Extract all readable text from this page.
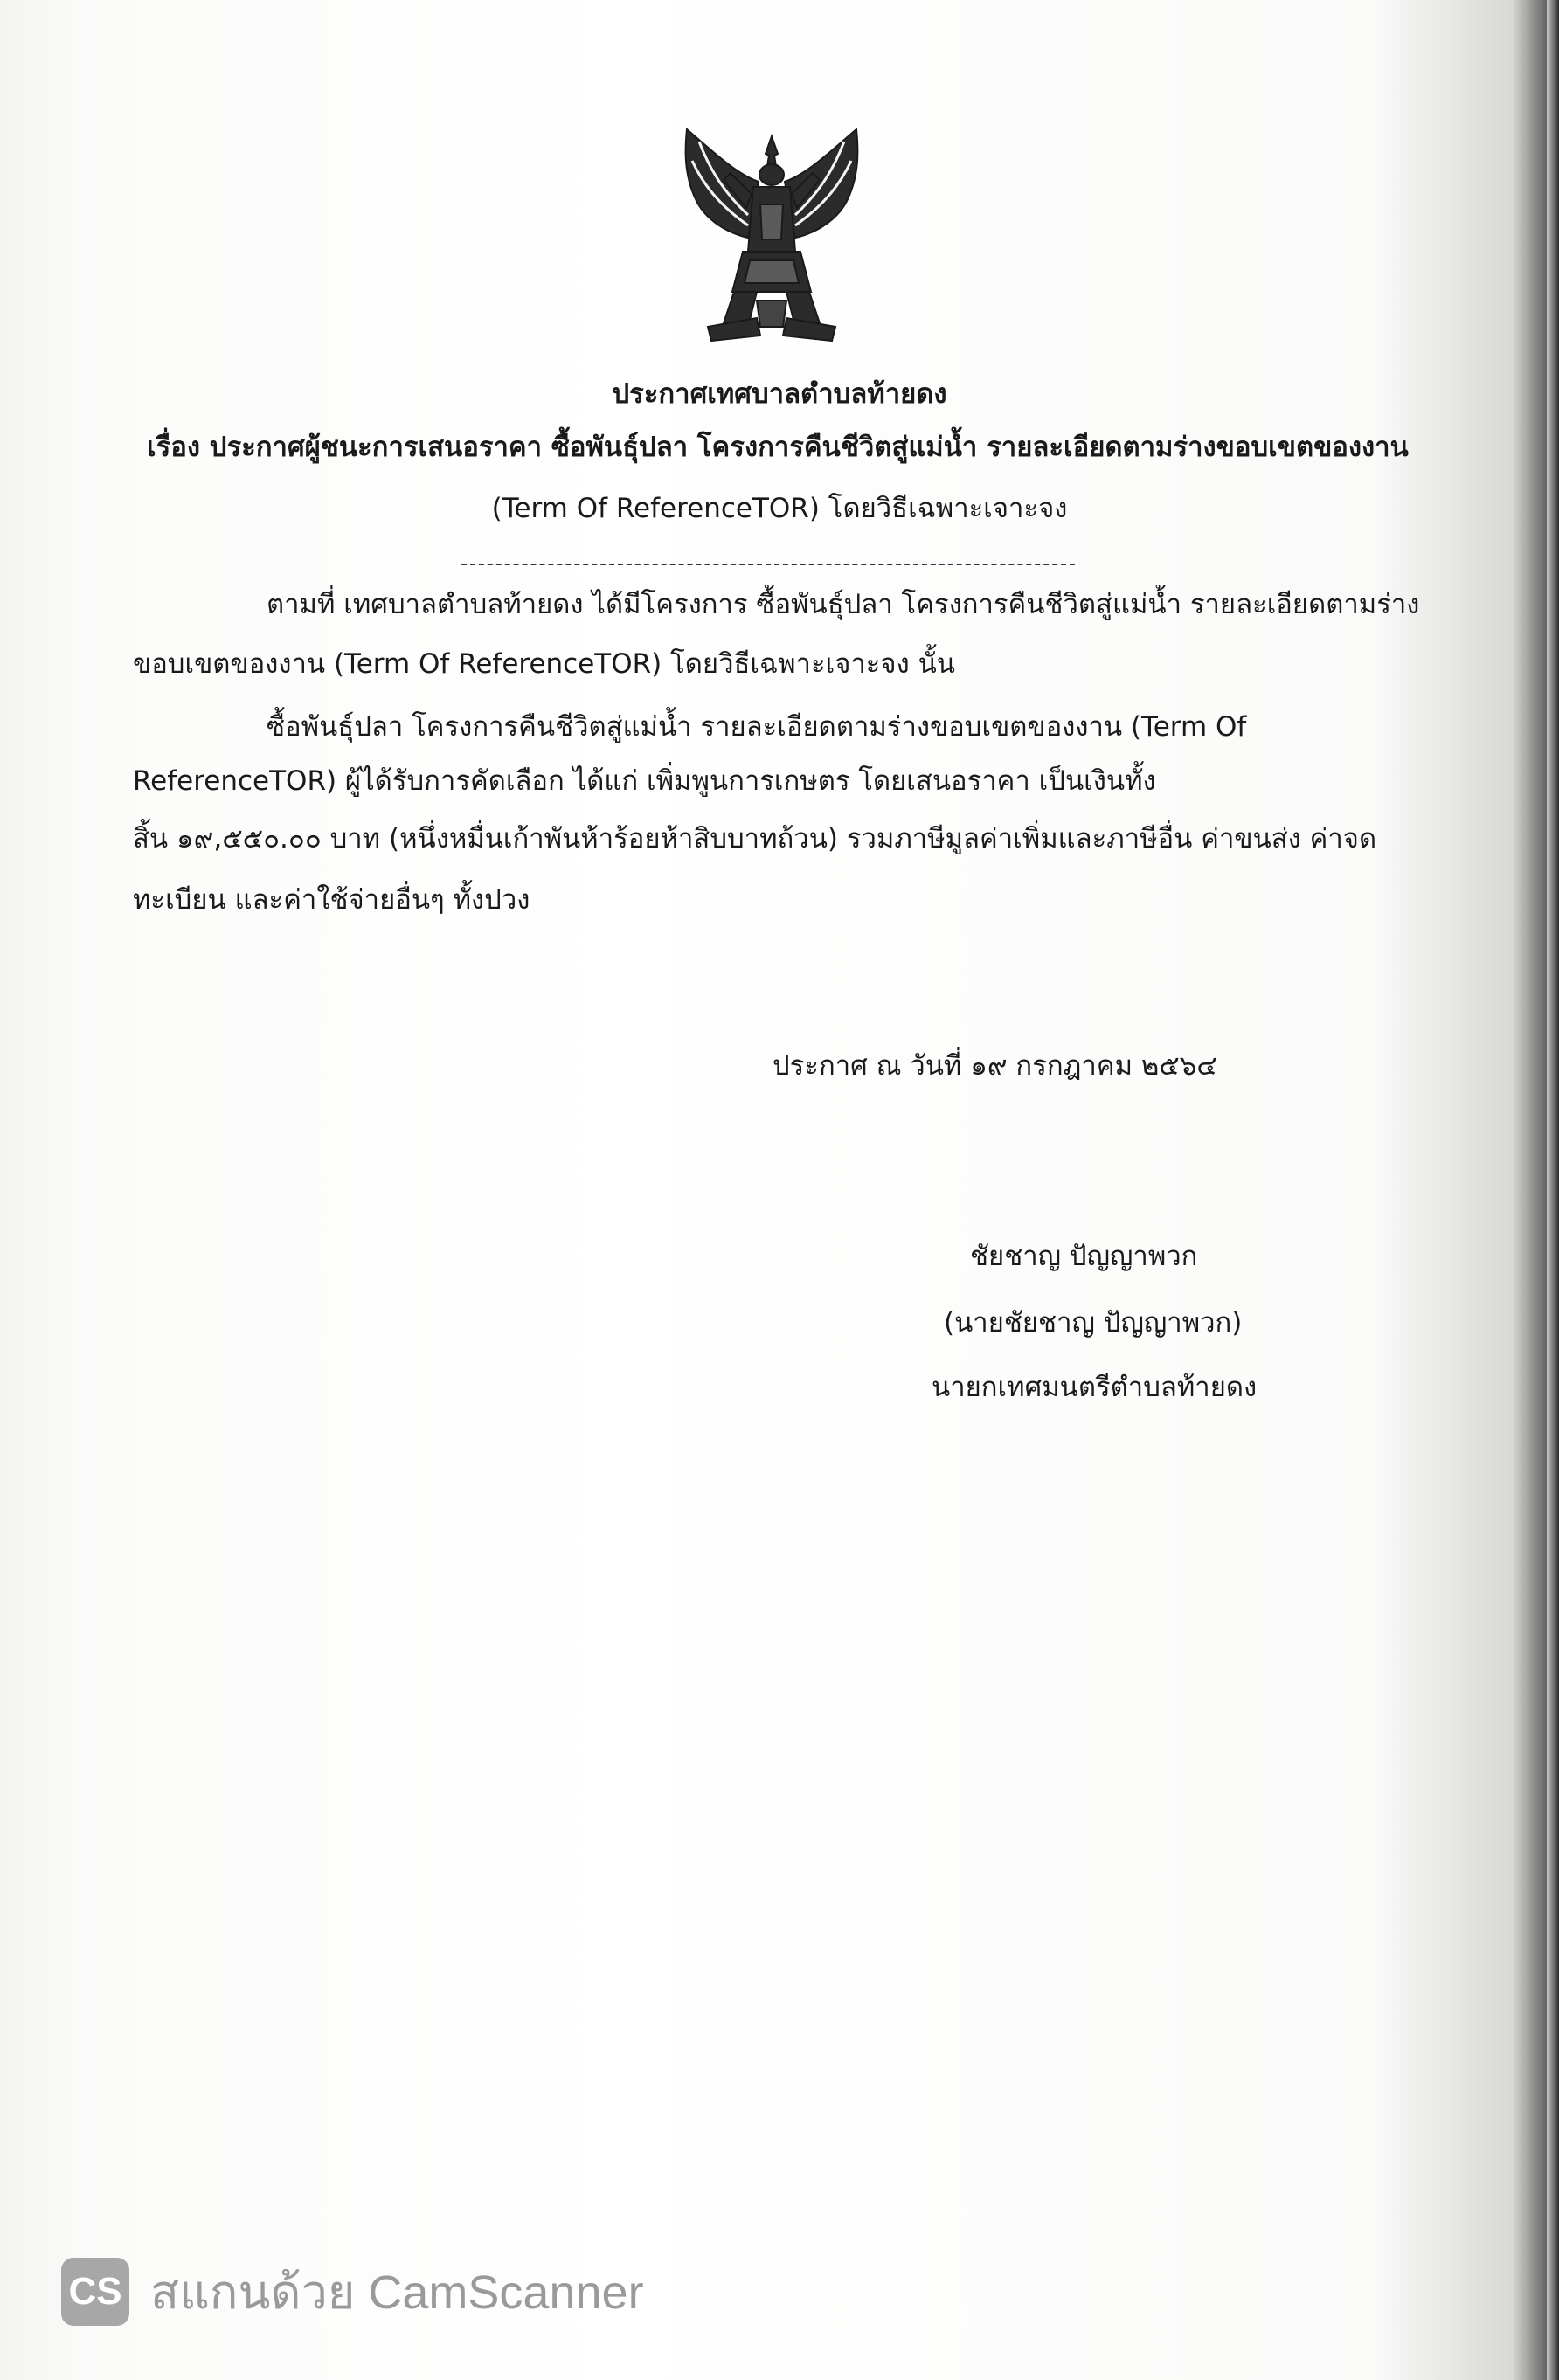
ประกาศเทศบาลตำบลท้ายดง
เรื่อง ประกาศผู้ชนะการเสนอราคา ซื้อพันธุ์ปลา โครงการคืนชีวิตสู่แม่น้ำ รายละเอียดตามร่างขอบเขตของงาน
(Term Of ReferenceTOR) โดยวิธีเฉพาะเจาะจง
ตามที่ เทศบาลตำบลท้ายดง ได้มีโครงการ ซื้อพันธุ์ปลา โครงการคืนชีวิตสู่แม่น้ำ รายละเอียดตามร่าง
ขอบเขตของงาน (Term Of ReferenceTOR) โดยวิธีเฉพาะเจาะจง นั้น
ซื้อพันธุ์ปลา โครงการคืนชีวิตสู่แม่น้ำ รายละเอียดตามร่างขอบเขตของงาน (Term Of
ReferenceTOR) ผู้ได้รับการคัดเลือก ได้แก่ เพิ่มพูนการเกษตร โดยเสนอราคา เป็นเงินทั้ง
สิ้น ๑๙,๕๕๐.๐๐ บาท (หนึ่งหมื่นเก้าพันห้าร้อยห้าสิบบาทถ้วน) รวมภาษีมูลค่าเพิ่มและภาษีอื่น ค่าขนส่ง ค่าจด
ทะเบียน และค่าใช้จ่ายอื่นๆ ทั้งปวง
ประกาศ ณ วันที่ ๑๙ กรกฎาคม ๒๕๖๔
ชัยชาญ ปัญญาพวก
(นายชัยชาญ ปัญญาพวก)
นายกเทศมนตรีตำบลท้ายดง
CS สแกนด้วย CamScanner
